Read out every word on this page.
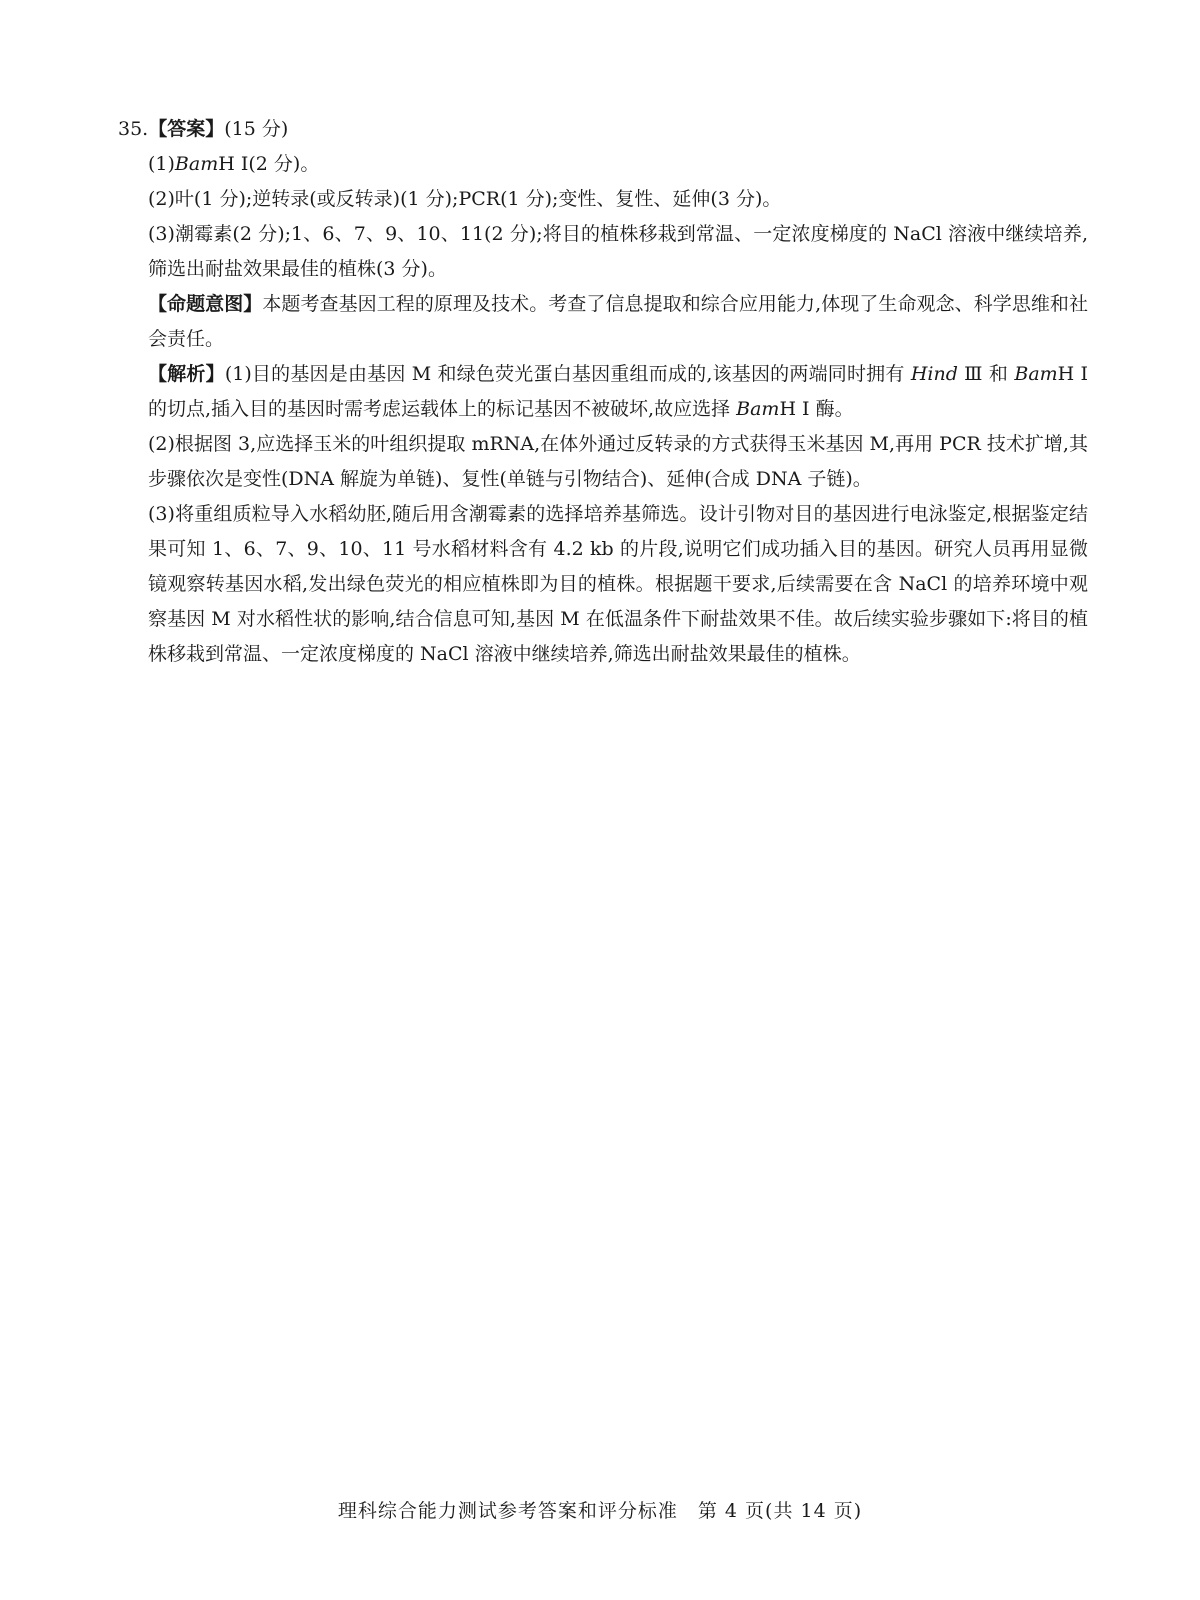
35.【答案】(15 分)
(1)BamH Ⅰ(2 分)。
(2)叶(1 分);逆转录(或反转录)(1 分);PCR(1 分);变性、复性、延伸(3 分)。
(3)潮霉素(2 分);1、6、7、9、10、11(2 分);将目的植株移栽到常温、一定浓度梯度的 NaCl 溶液中继续培养,筛选出耐盐效果最佳的植株(3 分)。
【命题意图】本题考查基因工程的原理及技术。考查了信息提取和综合应用能力,体现了生命观念、科学思维和社会责任。
【解析】(1)目的基因是由基因 M 和绿色荧光蛋白基因重组而成的,该基因的两端同时拥有 Hind Ⅲ 和 BamH Ⅰ 的切点,插入目的基因时需考虑运载体上的标记基因不被破坏,故应选择 BamH Ⅰ 酶。
(2)根据图 3,应选择玉米的叶组织提取 mRNA,在体外通过反转录的方式获得玉米基因 M,再用 PCR 技术扩增,其步骤依次是变性(DNA 解旋为单链)、复性(单链与引物结合)、延伸(合成 DNA 子链)。
(3)将重组质粒导入水稻幼胚,随后用含潮霉素的选择培养基筛选。设计引物对目的基因进行电泳鉴定,根据鉴定结果可知 1、6、7、9、10、11 号水稻材料含有 4.2 kb 的片段,说明它们成功插入目的基因。研究人员再用显微镜观察转基因水稻,发出绿色荧光的相应植株即为目的植株。根据题干要求,后续需要在含 NaCl 的培养环境中观察基因 M 对水稻性状的影响,结合信息可知,基因 M 在低温条件下耐盐效果不佳。故后续实验步骤如下:将目的植株移栽到常温、一定浓度梯度的 NaCl 溶液中继续培养,筛选出耐盐效果最佳的植株。
理科综合能力测试参考答案和评分标准　第 4 页(共 14 页)
